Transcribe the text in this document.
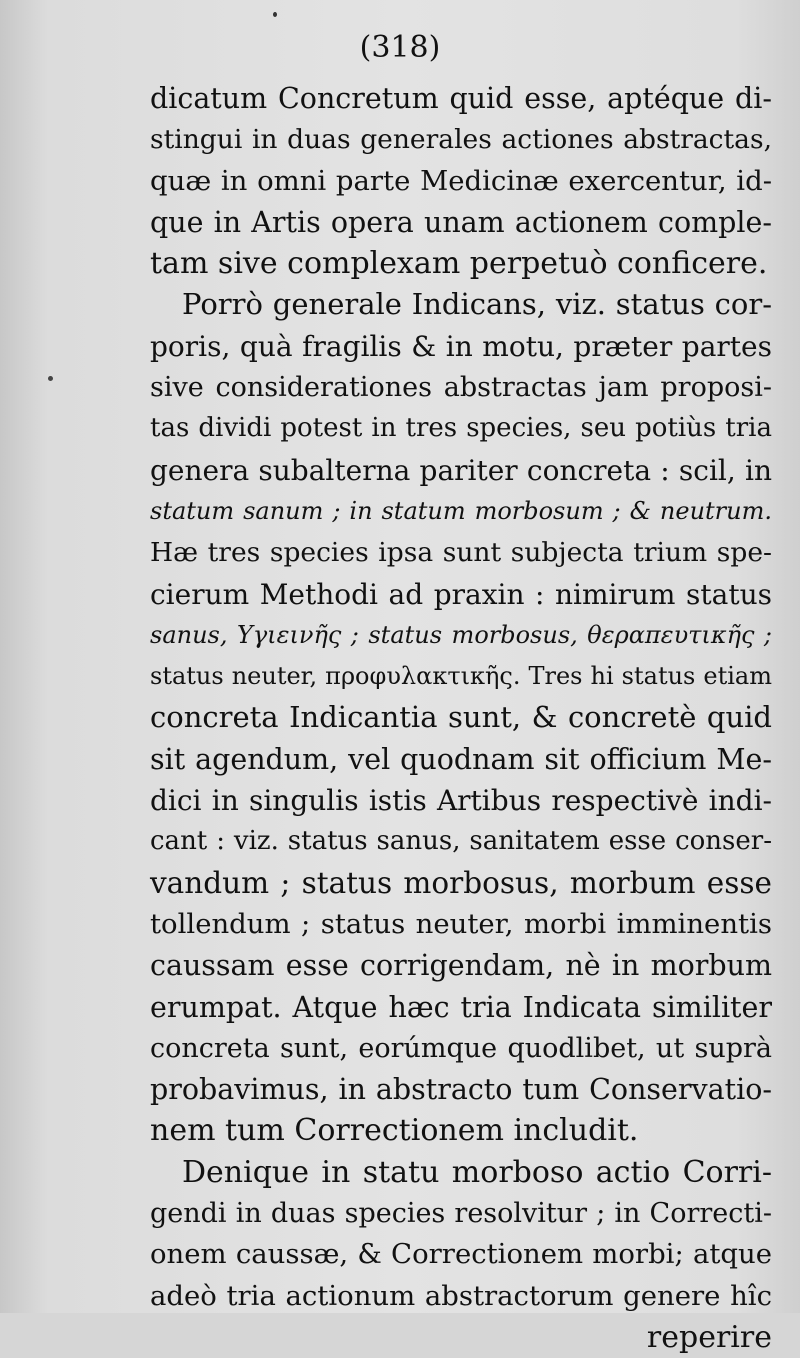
(318)
dicatum Concretum quid esse, aptéque di-
stingui in duas generales actiones abstractas,
quæ in omni parte Medicinæ exercentur, id-
que in Artis opera unam actionem comple-
tam sive complexam perpetuò conficere.
Porrò generale Indicans, viz. status cor-
poris, quà fragilis & in motu, præter partes
sive considerationes abstractas jam proposi-
tas dividi potest in tres species, seu potiùs tria
genera subalterna pariter concreta : scil, in
statum sanum ; in statum morbosum ; & neutrum.
Hæ tres species ipsa sunt subjecta trium spe-
cierum Methodi ad praxin : nimirum status
sanus, Υγιεινῆς ; status morbosus, θεραπευτικῆς ;
status neuter, προφυλακτικῆς. Tres hi status etiam
concreta Indicantia sunt, & concretè quid
sit agendum, vel quodnam sit officium Me-
dici in singulis istis Artibus respectivè indi-
cant : viz. status sanus, sanitatem esse conser-
vandum ; status morbosus, morbum esse
tollendum ; status neuter, morbi imminentis
caussam esse corrigendam, nè in morbum
erumpat. Atque hæc tria Indicata similiter
concreta sunt, eorúmque quodlibet, ut suprà
probavimus, in abstracto tum Conservatio-
nem tum Correctionem includit.
Denique in statu morboso actio Corri-
gendi in duas species resolvitur ; in Correcti-
onem caussæ, & Correctionem morbi; atque
adeò tria actionum abstractorum genere hîc
reperire
